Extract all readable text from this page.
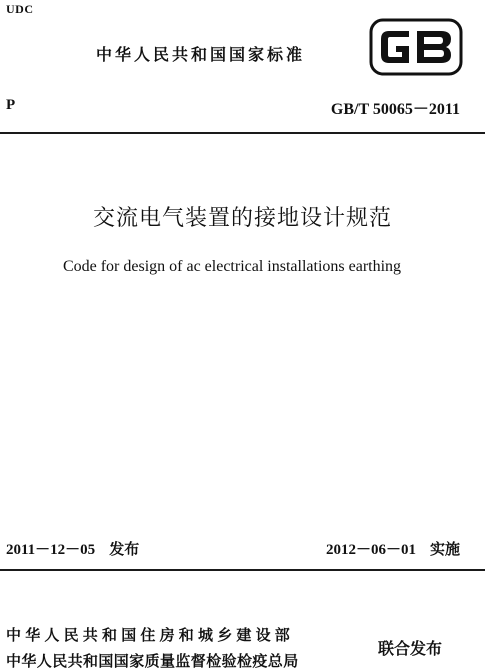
UDC
中华人民共和国国家标准
P	GB/T 50065－2011
交流电气装置的接地设计规范
Code for design of ac electrical installations earthing
2011－12－05 发布	2012－06－01 实施
中华人民共和国住房和城乡建设部
中华人民共和国国家质量监督检验检疫总局
联合发布
